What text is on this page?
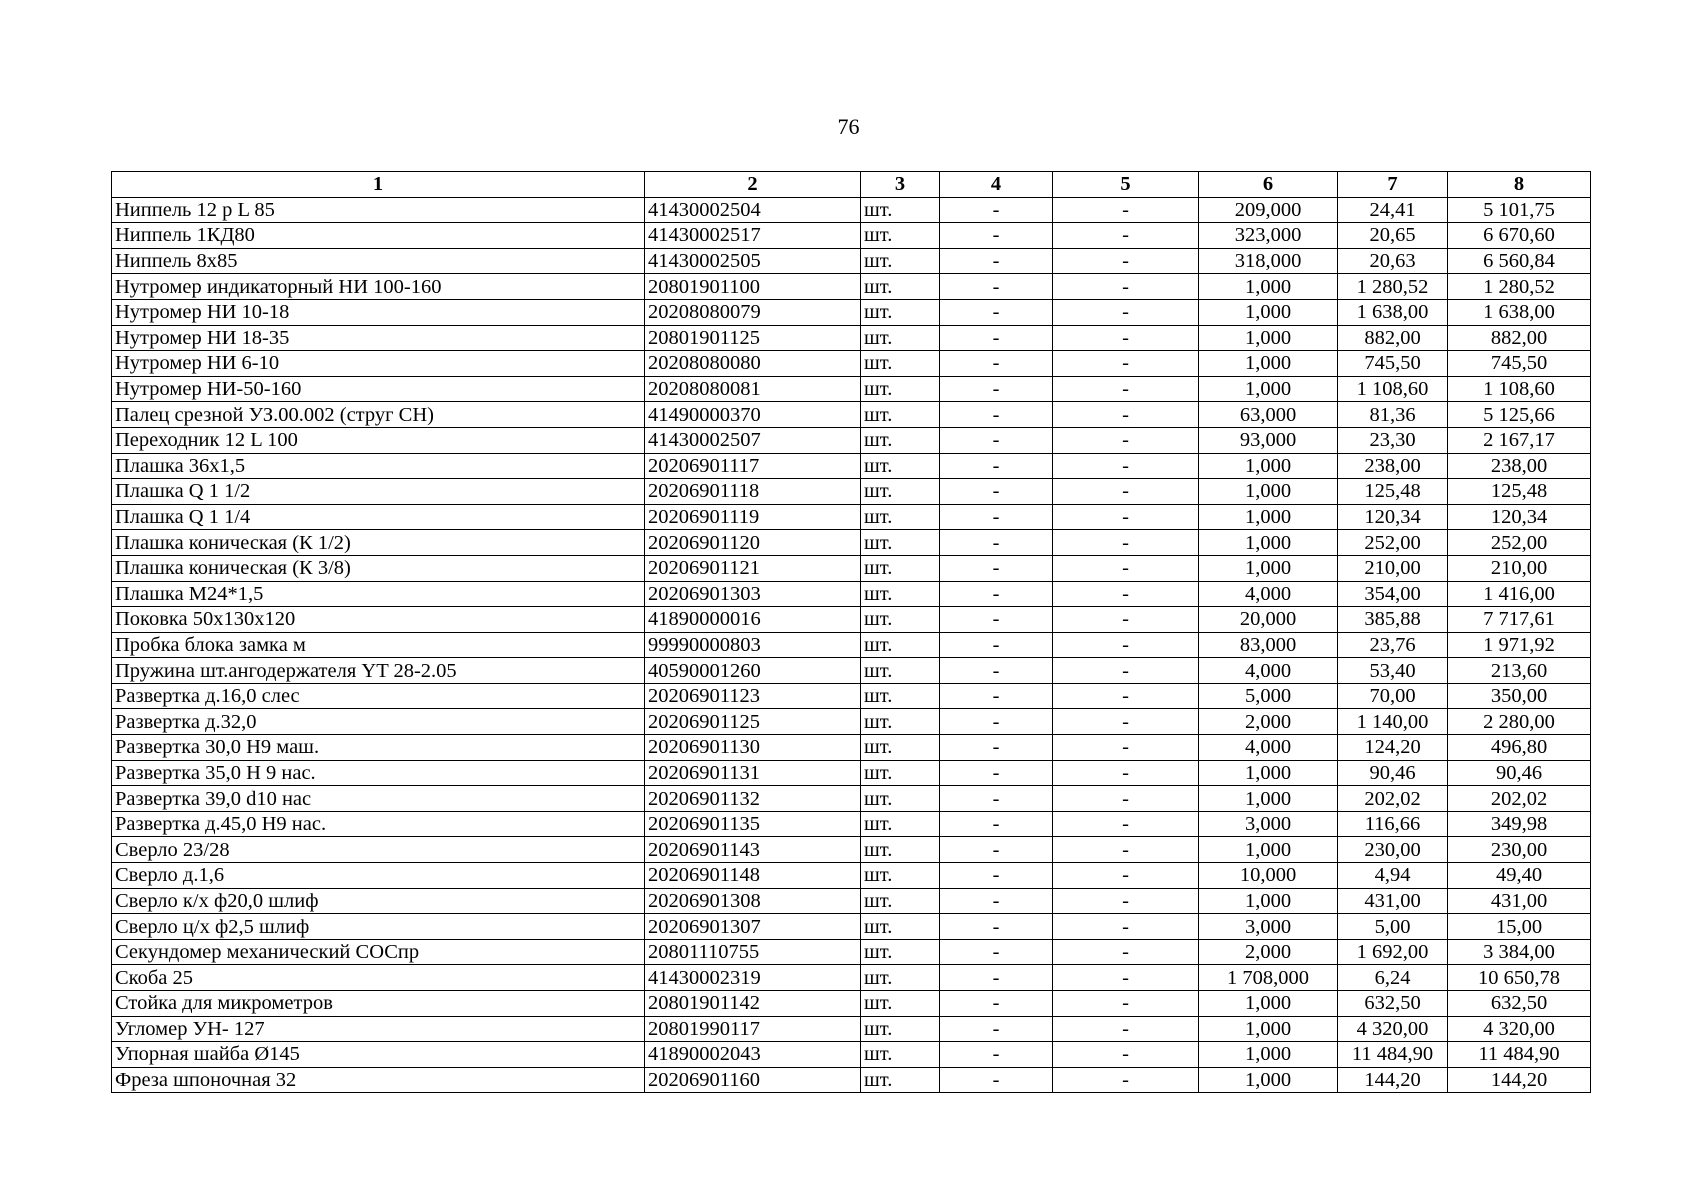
76
1	2	3	4	5	6	7	8
Ниппель 12 р L 85	41430002504	шт.	-	-	209,000	24,41	5 101,75
Ниппель 1КД80	41430002517	шт.	-	-	323,000	20,65	6 670,60
Ниппель 8х85	41430002505	шт.	-	-	318,000	20,63	6 560,84
Нутромер индикаторный НИ 100-160	20801901100	шт.	-	-	1,000	1 280,52	1 280,52
Нутромер НИ 10-18	20208080079	шт.	-	-	1,000	1 638,00	1 638,00
Нутромер НИ 18-35	20801901125	шт.	-	-	1,000	882,00	882,00
Нутромер НИ 6-10	20208080080	шт.	-	-	1,000	745,50	745,50
Нутромер НИ-50-160	20208080081	шт.	-	-	1,000	1 108,60	1 108,60
Палец срезной УЗ.00.002 (струг СН)	41490000370	шт.	-	-	63,000	81,36	5 125,66
Переходник 12 L 100	41430002507	шт.	-	-	93,000	23,30	2 167,17
Плашка 36х1,5	20206901117	шт.	-	-	1,000	238,00	238,00
Плашка Q 1 1/2	20206901118	шт.	-	-	1,000	125,48	125,48
Плашка Q 1 1/4	20206901119	шт.	-	-	1,000	120,34	120,34
Плашка коническая (К 1/2)	20206901120	шт.	-	-	1,000	252,00	252,00
Плашка коническая (К 3/8)	20206901121	шт.	-	-	1,000	210,00	210,00
Плашка М24*1,5	20206901303	шт.	-	-	4,000	354,00	1 416,00
Поковка 50х130х120	41890000016	шт.	-	-	20,000	385,88	7 717,61
Пробка блока замка м	99990000803	шт.	-	-	83,000	23,76	1 971,92
Пружина шт.ангодержателя YT 28-2.05	40590001260	шт.	-	-	4,000	53,40	213,60
Развертка д.16,0 слес	20206901123	шт.	-	-	5,000	70,00	350,00
Развертка д.32,0	20206901125	шт.	-	-	2,000	1 140,00	2 280,00
Развертка 30,0 Н9 маш.	20206901130	шт.	-	-	4,000	124,20	496,80
Развертка 35,0 Н 9 нас.	20206901131	шт.	-	-	1,000	90,46	90,46
Развертка 39,0 d10 нас	20206901132	шт.	-	-	1,000	202,02	202,02
Развертка д.45,0 Н9 нас.	20206901135	шт.	-	-	3,000	116,66	349,98
Сверло 23/28	20206901143	шт.	-	-	1,000	230,00	230,00
Сверло д.1,6	20206901148	шт.	-	-	10,000	4,94	49,40
Сверло к/х ф20,0 шлиф	20206901308	шт.	-	-	1,000	431,00	431,00
Сверло ц/х ф2,5 шлиф	20206901307	шт.	-	-	3,000	5,00	15,00
Секундомер механический СОСпр	20801110755	шт.	-	-	2,000	1 692,00	3 384,00
Скоба 25	41430002319	шт.	-	-	1 708,000	6,24	10 650,78
Стойка для микрометров	20801901142	шт.	-	-	1,000	632,50	632,50
Угломер УН- 127	20801990117	шт.	-	-	1,000	4 320,00	4 320,00
Упорная шайба Ø145	41890002043	шт.	-	-	1,000	11 484,90	11 484,90
Фреза шпоночная 32	20206901160	шт.	-	-	1,000	144,20	144,20
